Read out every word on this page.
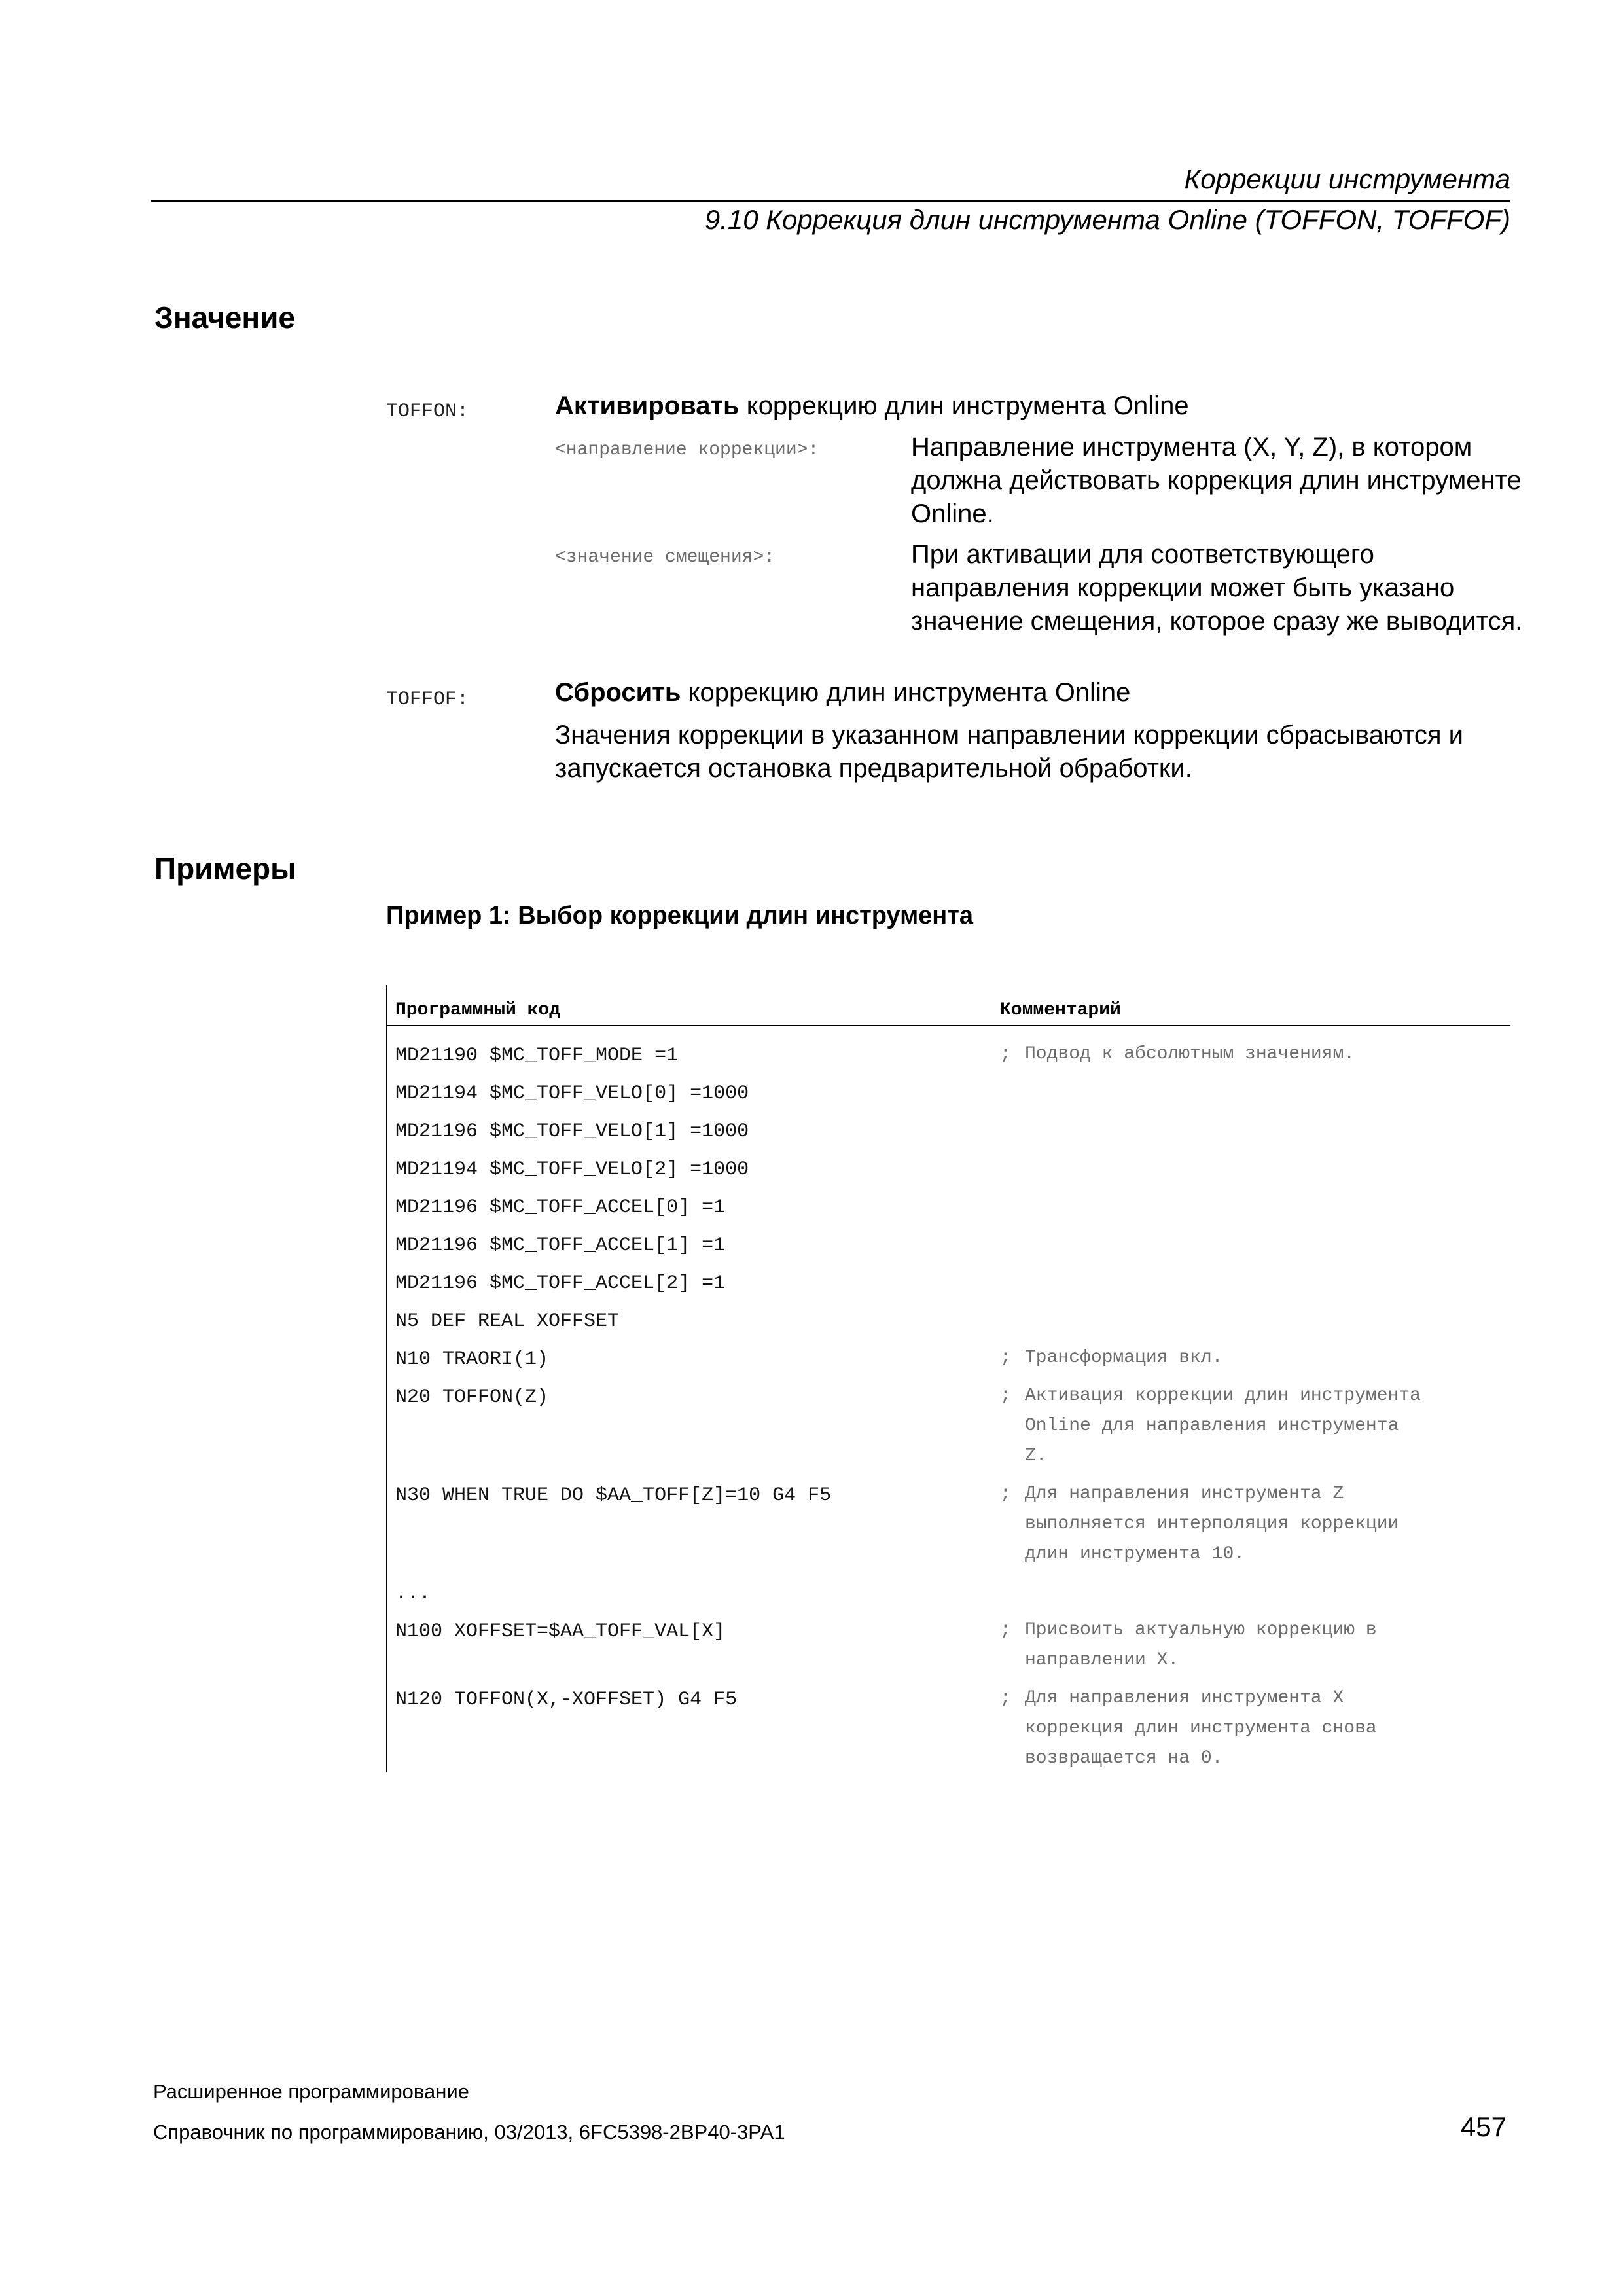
Коррекции инструмента
9.10 Коррекция длин инструмента Online (TOFFON, TOFFOF)
Значение
TOFFON:	Активировать коррекцию длин инструмента Online
<направление коррекции>:	Направление инструмента (X, Y, Z), в котором должна действовать коррекция длин инструменте Online.
<значение смещения>:	При активации для соответствующего направления коррекции может быть указано значение смещения, которое сразу же выводится.
TOFFOF:	Сбросить коррекцию длин инструмента Online
Значения коррекции в указанном направлении коррекции сбрасываются и запускается остановка предварительной обработки.
Примеры
Пример 1: Выбор коррекции длин инструмента
Программный код	Комментарий
MD21190 $MC_TOFF_MODE =1	; Подвод к абсолютным значениям.
MD21194 $MC_TOFF_VELO[0] =1000
MD21196 $MC_TOFF_VELO[1] =1000
MD21194 $MC_TOFF_VELO[2] =1000
MD21196 $MC_TOFF_ACCEL[0] =1
MD21196 $MC_TOFF_ACCEL[1] =1
MD21196 $MC_TOFF_ACCEL[2] =1
N5 DEF REAL XOFFSET
N10 TRAORI(1)	; Трансформация вкл.
N20 TOFFON(Z)	; Активация коррекции длин инструмента
Online для направления инструмента
Z.
N30 WHEN TRUE DO $AA_TOFF[Z]=10 G4 F5	; Для направления инструмента Z
выполняется интерполяция коррекции
длин инструмента 10.
...
N100 XOFFSET=$AA_TOFF_VAL[X]	; Присвоить актуальную коррекцию в
направлении X.
N120 TOFFON(X,-XOFFSET) G4 F5	; Для направления инструмента X
коррекция длин инструмента снова
возвращается на 0.
Расширенное программирование
Справочник по программированию, 03/2013, 6FC5398-2BP40-3PA1	457
